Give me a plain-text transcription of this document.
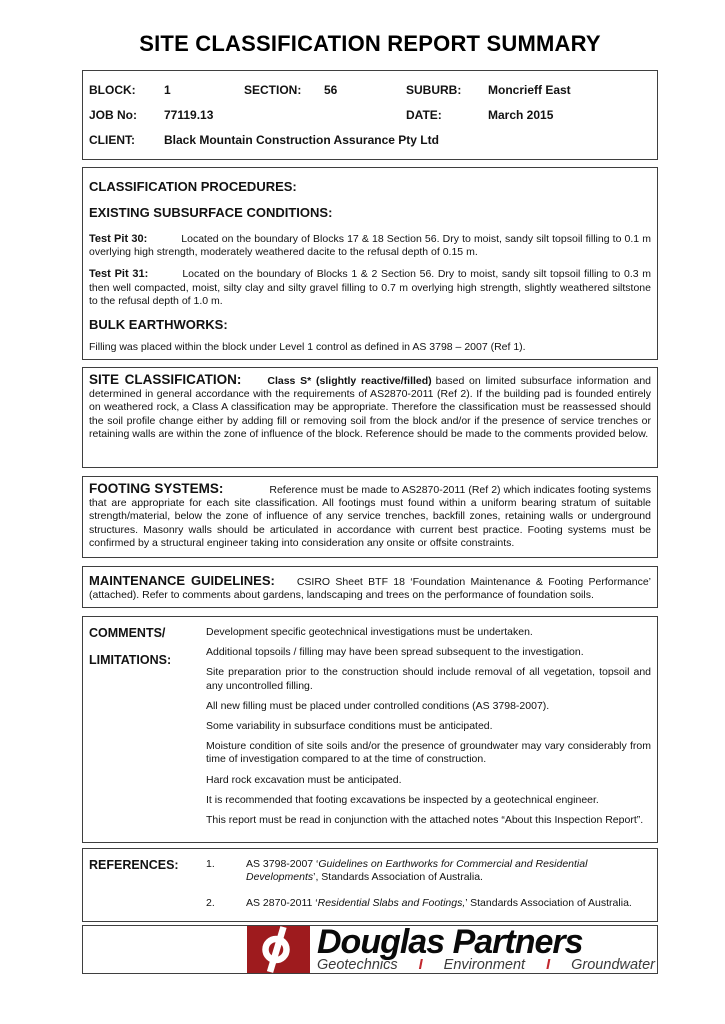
SITE CLASSIFICATION REPORT SUMMARY
BLOCK:	1	SECTION:	56	SUBURB:	Moncrieff East
JOB No:	77119.13	DATE:	March 2015
CLIENT:	Black Mountain Construction Assurance Pty Ltd
CLASSIFICATION PROCEDURES:
EXISTING SUBSURFACE CONDITIONS:

Test Pit 30:	Located on the boundary of Blocks 17 & 18 Section 56. Dry to moist, sandy silt topsoil filling to 0.1 m overlying high strength, moderately weathered dacite to the refusal depth of 0.15 m.

Test Pit 31:	Located on the boundary of Blocks 1 & 2 Section 56. Dry to moist, sandy silt topsoil filling to 0.3 m then well compacted, moist, silty clay and silty gravel filling to 0.7 m overlying high strength, slightly weathered siltstone to the refusal depth of 1.0 m.

BULK EARTHWORKS:

Filling was placed within the block under Level 1 control as defined in AS 3798 – 2007 (Ref 1).

SITE CLASSIFICATION: Class S* (slightly reactive/filled) based on limited subsurface information and determined in general accordance with the requirements of AS2870-2011 (Ref 2). If the building pad is founded entirely on weathered rock, a Class A classification may be appropriate. Therefore the classification must be reassessed should the soil profile change either by adding fill or removing soil from the block and/or if the presence of service trenches or retaining walls are within the zone of influence of the block. Reference should be made to the comments provided below.

FOOTING SYSTEMS:	Reference must be made to AS2870-2011 (Ref 2) which indicates footing systems that are appropriate for each site classification. All footings must found within a uniform bearing stratum of suitable strength/material, below the zone of influence of any service trenches, backfill zones, retaining walls or underground structures. Masonry walls should be articulated in accordance with current best practice. Footing systems must be confirmed by a structural engineer taking into consideration any onsite or offsite constraints.

MAINTENANCE GUIDELINES: CSIRO Sheet BTF 18 ‘Foundation Maintenance & Footing Performance’ (attached). Refer to comments about gardens, landscaping and trees on the performance of foundation soils.

COMMENTS/
LIMITATIONS:

Development specific geotechnical investigations must be undertaken.

Additional topsoils / filling may have been spread subsequent to the investigation.

Site preparation prior to the construction should include removal of all vegetation, topsoil and any uncontrolled filling.

All new filling must be placed under controlled conditions (AS 3798-2007).

Some variability in subsurface conditions must be anticipated.

Moisture condition of site soils and/or the presence of groundwater may vary considerably from time of investigation compared to at the time of construction.

Hard rock excavation must be anticipated.

It is recommended that footing excavations be inspected by a geotechnical engineer.

This report must be read in conjunction with the attached notes “About this Inspection Report”.

REFERENCES:	1.	AS 3798-2007 ‘Guidelines on Earthworks for Commercial and Residential Developments’, Standards Association of Australia.

2.	AS 2870-2011 ‘Residential Slabs and Footings,’ Standards Association of Australia.

Douglas Partners
Geotechnics I Environment I Groundwater
